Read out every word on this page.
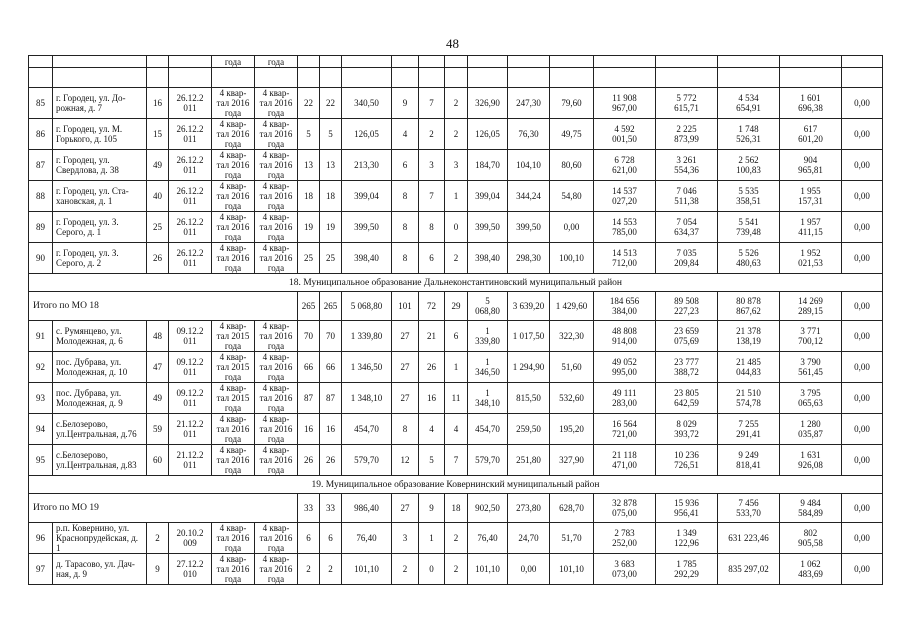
48
				года	года														

85	г. Городец, ул. До-
рожная, д. 7	16	26.12.2
011	4 квар-
тал 2016
года	4 квар-
тал 2016
года	22	22	340,50	9	7	2	326,90	247,30	79,60	11 908
967,00	5 772
615,71	4 534
654,91	1 601
696,38	0,00
86	г. Городец, ул. М.
Горького, д. 105	15	26.12.2
011	4 квар-
тал 2016
года	4 квар-
тал 2016
года	5	5	126,05	4	2	2	126,05	76,30	49,75	4 592
001,50	2 225
873,99	1 748
526,31	617
601,20	0,00
87	г. Городец, ул.
Свердлова, д. 38	49	26.12.2
011	4 квар-
тал 2016
года	4 квар-
тал 2016
года	13	13	213,30	6	3	3	184,70	104,10	80,60	6 728
621,00	3 261
554,36	2 562
100,83	904
965,81	0,00
88	г. Городец, ул. Ста-
хановская, д. 1	40	26.12.2
011	4 квар-
тал 2016
года	4 квар-
тал 2016
года	18	18	399,04	8	7	1	399,04	344,24	54,80	14 537
027,20	7 046
511,38	5 535
358,51	1 955
157,31	0,00
89	г. Городец, ул. З.
Серого, д. 1	25	26.12.2
011	4 квар-
тал 2016
года	4 квар-
тал 2016
года	19	19	399,50	8	8	0	399,50	399,50	0,00	14 553
785,00	7 054
634,37	5 541
739,48	1 957
411,15	0,00
90	г. Городец, ул. З.
Серого, д. 2	26	26.12.2
011	4 квар-
тал 2016
года	4 квар-
тал 2016
года	25	25	398,40	8	6	2	398,40	298,30	100,10	14 513
712,00	7 035
209,84	5 526
480,63	1 952
021,53	0,00
18. Муниципальное образование Дальнеконстантиновский муниципальный район																			
Итого по МО 18						265	265	5 068,80	101	72	29	5
068,80	3 639,20	1 429,60	184 656
384,00	89 508
227,23	80 878
867,62	14 269
289,15	0,00
91	с. Румянцево, ул.
Молодежная, д. 6	48	09.12.2
011	4 квар-
тал 2015
года	4 квар-
тал 2016
года	70	70	1 339,80	27	21	6	1
339,80	1 017,50	322,30	48 808
914,00	23 659
075,69	21 378
138,19	3 771
700,12	0,00
92	пос. Дубрава, ул.
Молодежная, д. 10	47	09.12.2
011	4 квар-
тал 2015
года	4 квар-
тал 2016
года	66	66	1 346,50	27	26	1	1
346,50	1 294,90	51,60	49 052
995,00	23 777
388,72	21 485
044,83	3 790
561,45	0,00
93	пос. Дубрава, ул.
Молодежная, д. 9	49	09.12.2
011	4 квар-
тал 2015
года	4 квар-
тал 2016
года	87	87	1 348,10	27	16	11	1
348,10	815,50	532,60	49 111
283,00	23 805
642,59	21 510
574,78	3 795
065,63	0,00
94	с.Белозерово,
ул.Центральная, д.76	59	21.12.2
011	4 квар-
тал 2016
года	4 квар-
тал 2016
года	16	16	454,70	8	4	4	454,70	259,50	195,20	16 564
721,00	8 029
393,72	7 255
291,41	1 280
035,87	0,00
95	с.Белозерово,
ул.Центральная, д.83	60	21.12.2
011	4 квар-
тал 2016
года	4 квар-
тал 2016
года	26	26	579,70	12	5	7	579,70	251,80	327,90	21 118
471,00	10 236
726,51	9 249
818,41	1 631
926,08	0,00
19. Муниципальное образование Ковернинский муниципальный район																			
Итого по МО 19						33	33	986,40	27	9	18	902,50	273,80	628,70	32 878
075,00	15 936
956,41	7 456
533,70	9 484
584,89	0,00
96	р.п. Ковернино, ул.
Краснопрудейская, д.
1	2	20.10.2
009	4 квар-
тал 2016
года	4 квар-
тал 2016
года	6	6	76,40	3	1	2	76,40	24,70	51,70	2 783
252,00	1 349
122,96	631 223,46	802
905,58	0,00
97	д. Тарасово, ул. Дач-
ная, д. 9	9	27.12.2
010	4 квар-
тал 2016
года	4 квар-
тал 2016
года	2	2	101,10	2	0	2	101,10	0,00	101,10	3 683
073,00	1 785
292,29	835 297,02	1 062
483,69	0,00
